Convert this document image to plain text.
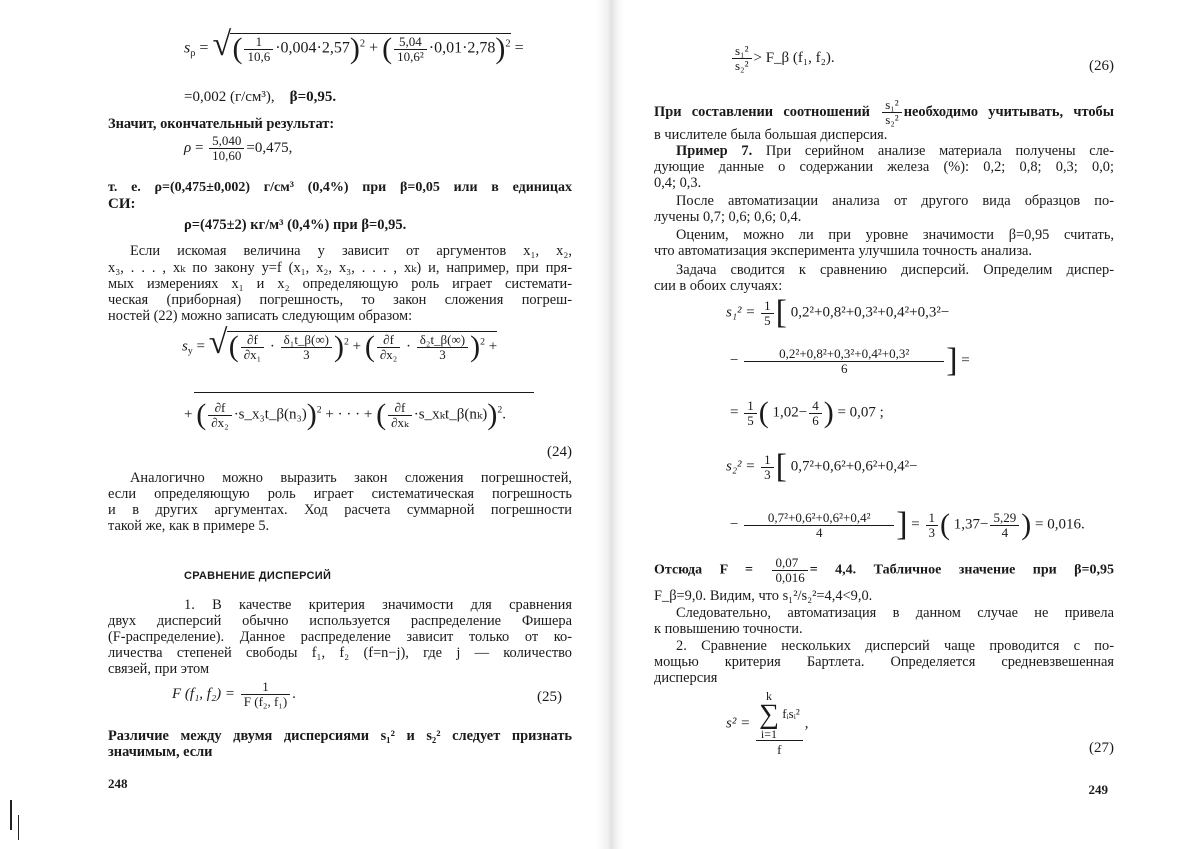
$s_\rho$ = √ ( $\frac{1}{10,6} \cdot 0,004\cdot 2,57)^2$ + ( $\frac{5,04}{\text{10,6²}} \cdot 0,01\cdot 2,78)^2$ =
=0,002 (г/см³), β=0,95.
Значит, окончательный результат:
$\rho = \frac{5,040}{10,60} =0,475$,
т. е. ρ=(0,475±0,002) г/см³ (0,4%) при β=0,05 или в единицах
СИ:
ρ=(475±2) кг/м³ (0,4%) при β=0,95.
Если искомая величина y зависит от аргументов x₁, x₂,
x₃, . . . , xₖ по закону y=f (x₁, x₂, x₃, . . . , xₖ) и, например, при пря-
мых измерениях x₁ и x₂ определяющую роль играет системати-
ческая (приборная) погрешность, то закон сложения погреш-
ностей (22) можно записать следующим образом:
$s_y$ = √ ( $\frac{\partial f}{\text{∂x₁}} \cdot \frac{\text{δ₁t\_β(∞)}}{3} )^2$ + ( $\frac{\partial f}{\text{∂x₂}} \cdot \frac{\text{δ₂t\_β(∞)}}{3} )^2$ +
+ ( $\frac{\partial f}{\text{∂x₂}}$ ·s_x₃t_β(n₃))$^2$ + · · · + ( $\frac{\partial f}{\text{∂xₖ}}$ ·s_xₖt_β(nₖ))$^2$.
(24)
Аналогично можно выразить закон сложения погрешностей,
если определяющую роль играет систематическая погрешность
и в других аргументах. Ход расчета суммарной погрешности
такой же, как в примере 5.
СРАВНЕНИЕ ДИСПЕРСИЙ
1. В качестве критерия значимости для сравнения
двух дисперсий обычно используется распределение Фишера
(F-распределение). Данное распределение зависит только от ко-
личества степеней свободы f₁, f₂ (f=n−j), где j — количество
связей, при этом
F (f₁, $f_2) = \frac{1}{\text{F (f₂, f₁)}}$ .	(25)
Различие между двумя дисперсиями s₁² и s₂² следует признать
значимым, если
248
$\frac{\text{s₁²}}{\text{s₂²}}$ > F_β (f₁, f₂).
(26)
При составлении соотношений $\frac{\text{s₁²}}{\text{s₂²}}$ необходимо учитывать, чтобы
в числителе была большая дисперсия.
Пример 7. При серийном анализе материала получены сле-
дующие данные о содержании железа (%): 0,2; 0,8; 0,3; 0,0;
0,4; 0,3.
После автоматизации анализа от другого вида образцов по-
лучены 0,7; 0,6; 0,6; 0,4.
Оценим, можно ли при уровне значимости β=0,95 считать,
что автоматизация эксперимента улучшила точность анализа.
Задача сводится к сравнению дисперсий. Определим диспер-
сии в обоих случаях:
$s_1^2 = \frac{1}{5}$ [ 0,2²+0,8²+0,3²+0,4²+0,3²−
− $\frac{\text{0,2²+0,8²+0,3²+0,4²+0,3²}}{6}$ ] =
= $\frac{1}{5}$ ( $1,02- \frac{4}{6}$ ) = 0,07 ;
$s_2^2 = \frac{1}{3}$ [ 0,7²+0,6²+0,6²+0,4²−
− $\frac{\text{0,7²+0,6²+0,6²+0,4²}}{4}$ ] = $\frac{1}{3}$ ( $1,37- \frac{5,29}{4}$ ) = 0,016.
Отсюда $F = \frac{0,07}{0,016} = 4,4$. Табличное значение при β=0,95
F_β=9,0. Видим, что s₁²/s₂²=4,4<9,0.
Следовательно, автоматизация в данном случае не привела
к повышению точности.
2. Сравнение нескольких дисперсий чаще проводится с по-
мощью критерия Бартлета. Определяется средневзвешенная
дисперсия
s² = k
∑
i=1 fᵢsᵢ²
f ,
(27)
249
